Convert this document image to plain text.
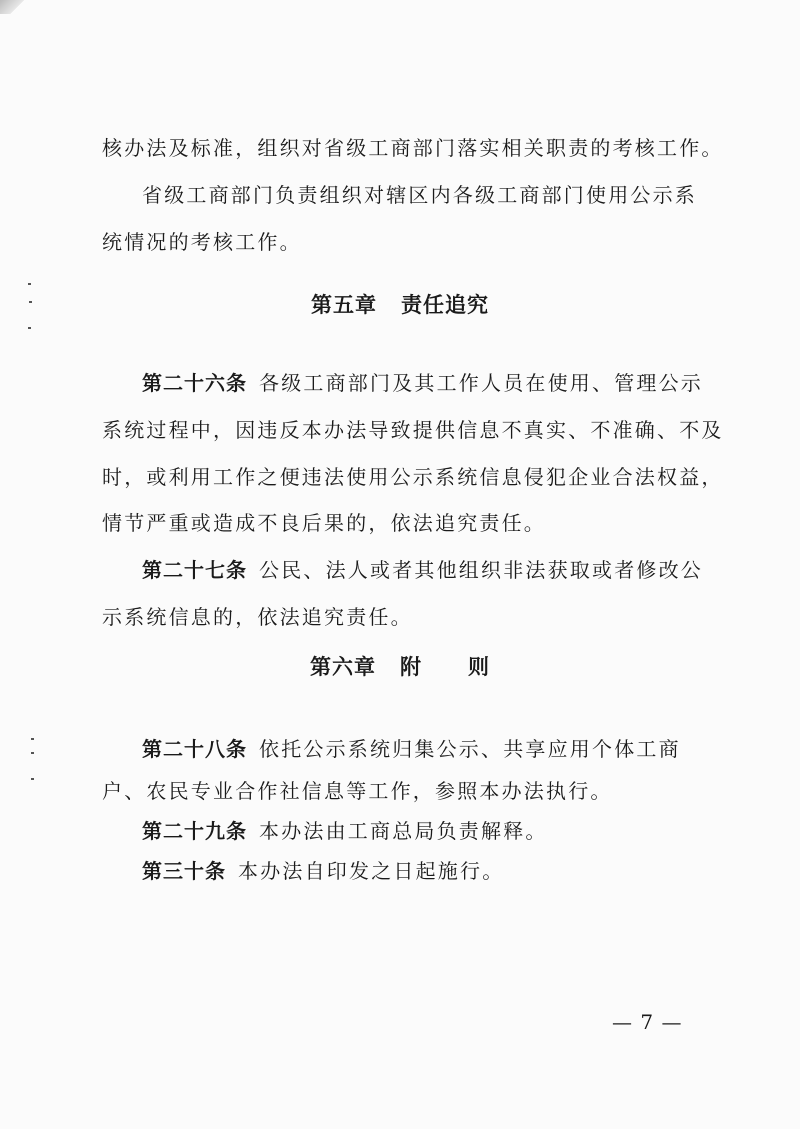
核办法及标准，组织对省级工商部门落实相关职责的考核工作。
省级工商部门负责组织对辖区内各级工商部门使用公示系
统情况的考核工作。
第五章 责任追究
第二十六条 各级工商部门及其工作人员在使用、管理公示
系统过程中，因违反本办法导致提供信息不真实、不准确、不及
时，或利用工作之便违法使用公示系统信息侵犯企业合法权益，
情节严重或造成不良后果的，依法追究责任。
第二十七条 公民、法人或者其他组织非法获取或者修改公
示系统信息的，依法追究责任。
第六章 附 则
第二十八条 依托公示系统归集公示、共享应用个体工商
户、农民专业合作社信息等工作，参照本办法执行。
第二十九条 本办法由工商总局负责解释。
第三十条 本办法自印发之日起施行。
— 7 —
